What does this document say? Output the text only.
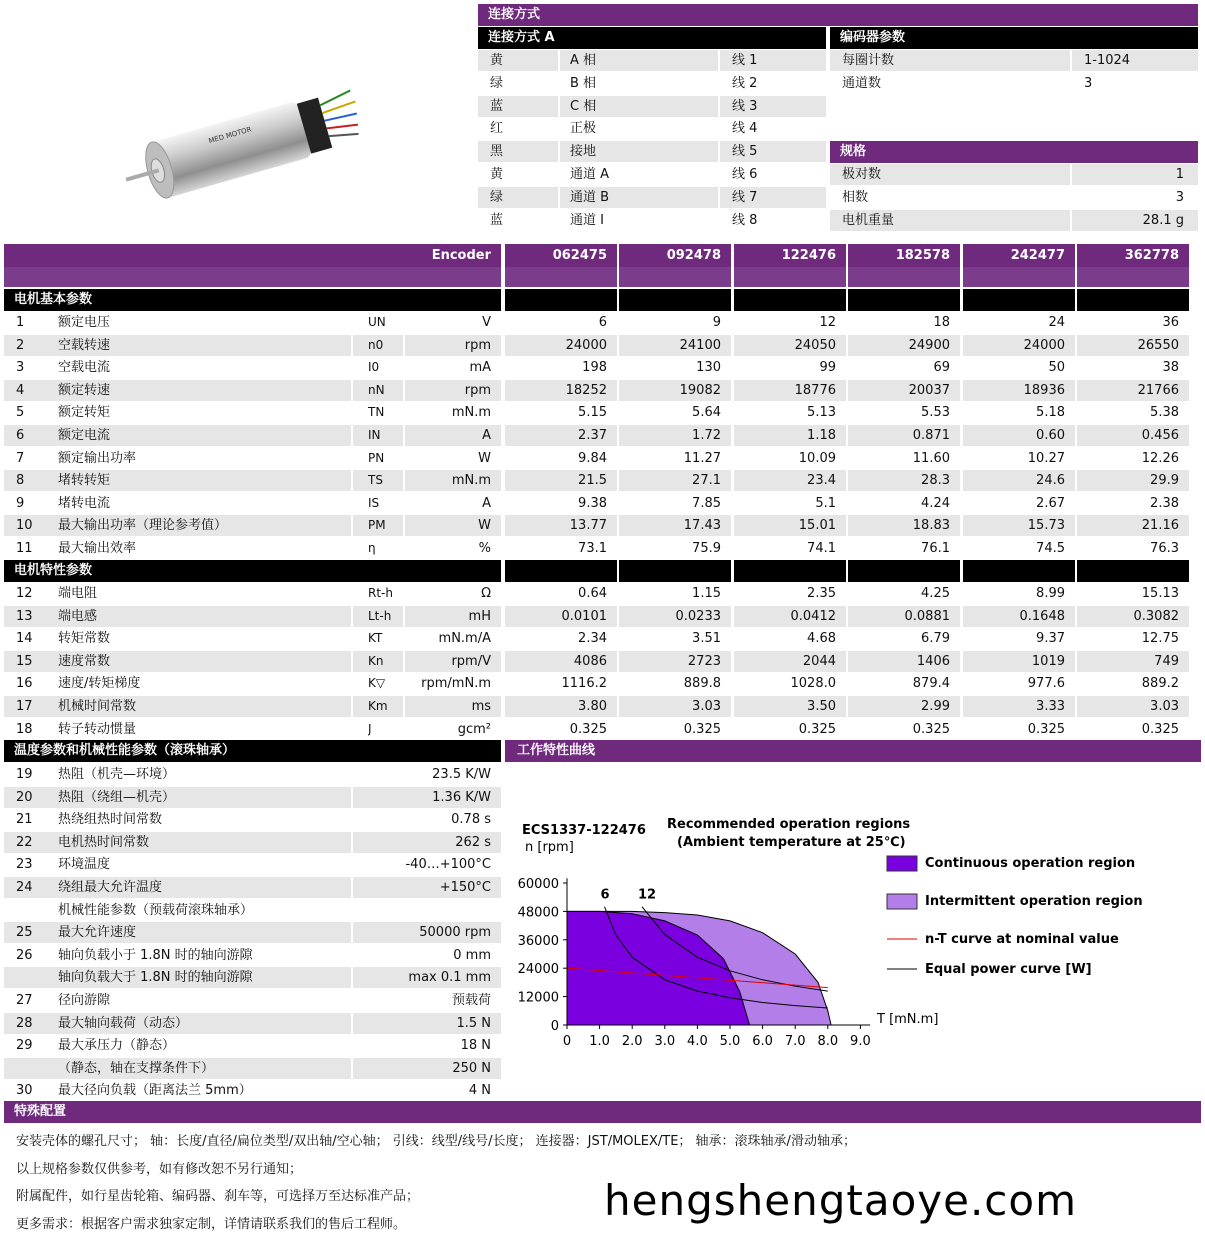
MED MOTOR
连接方式
连接方式 A	编码器参数
黄	A 相	线 1
绿	B 相	线 2
蓝	C 相	线 3
红	正极	线 4
黑	接地	线 5
黄	通道 A	线 6
绿	通道 B	线 7
蓝	通道 I	线 8
每圈计数	1-1024
通道数	3
极对数	1
相数	3
电机重量	28.1 g
规格
Encoder	062475	092478	122476	182578	242477	362778
电机基本参数
1	额定电压	UN	V	6	9	12	18	24	36
2	空载转速	n0	rpm	24000	24100	24050	24900	24000	26550
3	空载电流	I0	mA	198	130	99	69	50	38
4	额定转速	nN	rpm	18252	19082	18776	20037	18936	21766
5	额定转矩	TN	mN.m	5.15	5.64	5.13	5.53	5.18	5.38
6	额定电流	IN	A	2.37	1.72	1.18	0.871	0.60	0.456
7	额定输出功率	PN	W	9.84	11.27	10.09	11.60	10.27	12.26
8	堵转转矩	TS	mN.m	21.5	27.1	23.4	28.3	24.6	29.9
9	堵转电流	IS	A	9.38	7.85	5.1	4.24	2.67	2.38
10	最大输出功率（理论参考值）	PM	W	13.77	17.43	15.01	18.83	15.73	21.16
11	最大输出效率	η	%	73.1	75.9	74.1	76.1	74.5	76.3
电机特性参数
12	端电阻	Rt-h	Ω	0.64	1.15	2.35	4.25	8.99	15.13
13	端电感	Lt-h	mH	0.0101	0.0233	0.0412	0.0881	0.1648	0.3082
14	转矩常数	KT	mN.m/A	2.34	3.51	4.68	6.79	9.37	12.75
15	速度常数	Kn	rpm/V	4086	2723	2044	1406	1019	749
16	速度/转矩梯度	K▽	rpm/mN.m	1116.2	889.8	1028.0	879.4	977.6	889.2
17	机械时间常数	Km	ms	3.80	3.03	3.50	2.99	3.33	3.03
18	转子转动惯量	J	gcm²	0.325	0.325	0.325	0.325	0.325	0.325
温度参数和机械性能参数（滚珠轴承）
19	热阻（机壳—环境）	23.5 K/W
20	热阻（绕组—机壳）	1.36 K/W
21	热绕组热时间常数	0.78 s
22	电机热时间常数	262 s
23	环境温度	-40…+100°C
24	绕组最大允许温度	+150°C
机械性能参数（预载荷滚珠轴承）
25	最大允许速度	50000 rpm
26	轴向负载小于 1.8N 时的轴向游隙	0 mm
轴向负载大于 1.8N 时的轴向游隙	max 0.1 mm
27	径向游隙	预载荷
28	最大轴向载荷（动态）	1.5 N
29	最大承压力（静态）	18 N
（静态，轴在支撑条件下）	250 N
30	最大径向负载（距离法兰 5mm）	4 N
工作特性曲线
ECS1337-122476
n [rpm]
Recommended operation regions
(Ambient temperature at 25℃)
T [mN.m]
6 12
0 1.0 2.0 3.0 4.0 5.0 6.0 7.0 8.0 9.0
60000
48000
36000
24000
12000
0
Continuous operation region
Intermittent operation region
n-T curve at nominal value
Equal power curve [W]
特殊配置
安装壳体的螺孔尺寸； 轴：长度/直径/扁位类型/双出轴/空心轴； 引线：线型/线号/长度； 连接器：JST/MOLEX/TE； 轴承：滚珠轴承/滑动轴承；
以上规格参数仅供参考，如有修改恕不另行通知；
附属配件，如行星齿轮箱、编码器、刹车等，可选择万至达标准产品；
更多需求：根据客户需求独家定制，详情请联系我们的售后工程师。	hengshengtaoye.com
